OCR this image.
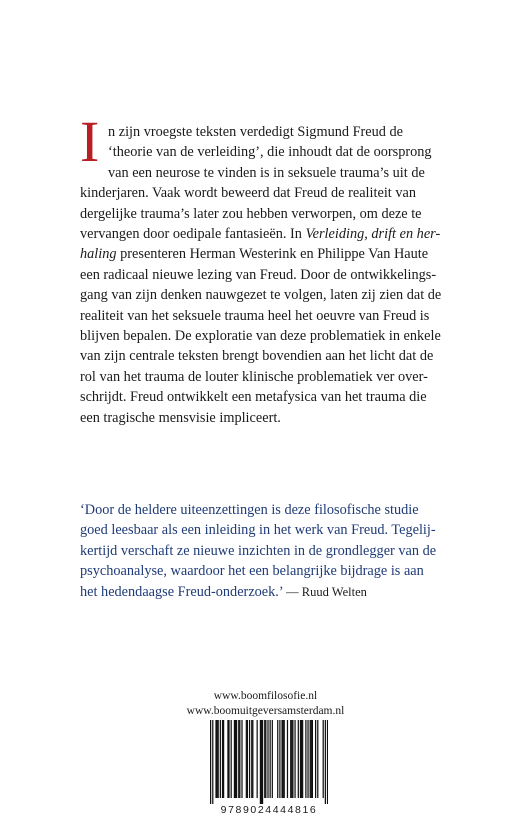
I n zijn vroegste teksten verdedigt Sigmund Freud de
‘theorie van de verleiding’, die inhoudt dat de oorsprong
van een neurose te vinden is in seksuele trauma’s uit de
kinderjaren. Vaak wordt beweerd dat Freud de realiteit van
dergelijke trauma’s later zou hebben verworpen, om deze te
vervangen door oedipale fantasieën. In Verleiding, drift en her-
haling presenteren Herman Westerink en Philippe Van Haute
een radicaal nieuwe lezing van Freud. Door de ontwikkelings-
gang van zijn denken nauwgezet te volgen, laten zij zien dat de
realiteit van het seksuele trauma heel het oeuvre van Freud is
blijven bepalen. De exploratie van deze problematiek in enkele
van zijn centrale teksten brengt bovendien aan het licht dat de
rol van het trauma de louter klinische problematiek ver over-
schrijdt. Freud ontwikkelt een metafysica van het trauma die
een tragische mensvisie impliceert.

‘Door de heldere uiteenzettingen is deze filosofische studie
goed leesbaar als een inleiding in het werk van Freud. Tegelij-
kertijd verschaft ze nieuwe inzichten in de grondlegger van de
psychoanalyse, waardoor het een belangrijke bijdrage is aan
het hedendaagse Freud-onderzoek.’ — Ruud Welten

www.boomfilosofie.nl
www.boomuitgeversamsterdam.nl
9789024444816
